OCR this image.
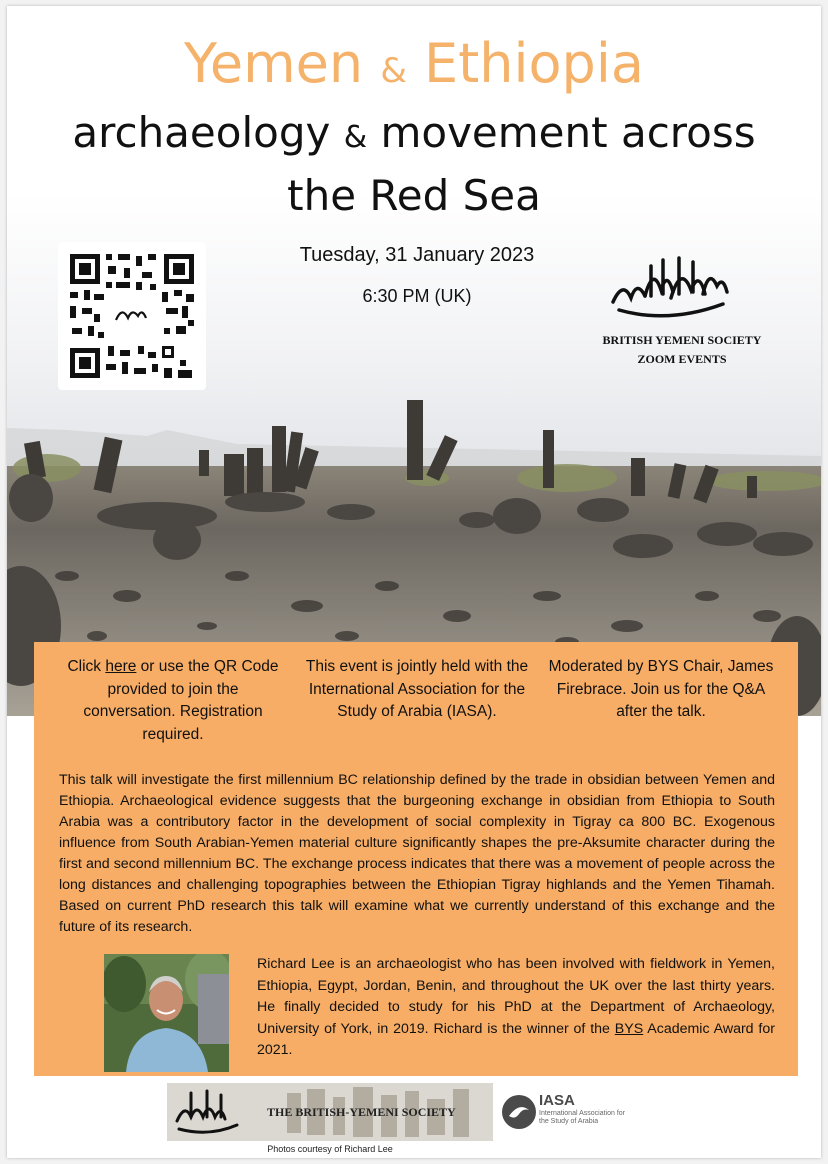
Yemen & Ethiopia
archaeology & movement across
the Red Sea
Tuesday, 31 January 2023
6:30 PM (UK)
BRITISH YEMENI SOCIETY
ZOOM EVENTS
Click here or use the QR Code provided to join the conversation. Registration required.
This event is jointly held with the International Association for the Study of Arabia (IASA).
Moderated by BYS Chair, James Firebrace. Join us for the Q&A after the talk.
This talk will investigate the first millennium BC relationship defined by the trade in obsidian between Yemen and Ethiopia. Archaeological evidence suggests that the burgeoning exchange in obsidian from Ethiopia to South Arabia was a contributory factor in the development of social complexity in Tigray ca 800 BC. Exogenous influence from South Arabian-Yemen material culture significantly shapes the pre-Aksumite character during the first and second millennium BC. The exchange process indicates that there was a movement of people across the long distances and challenging topographies between the Ethiopian Tigray highlands and the Yemen Tihamah. Based on current PhD research this talk will examine what we currently understand of this exchange and the future of its research.
Richard Lee is an archaeologist who has been involved with fieldwork in Yemen, Ethiopia, Egypt, Jordan, Benin, and throughout the UK over the last thirty years. He finally decided to study for his PhD at the Department of Archaeology, University of York, in 2019. Richard is the winner of the BYS Academic Award for 2021.
THE BRITISH-YEMENI SOCIETY
Photos courtesy of Richard Lee
IASA
International Association for the Study of Arabia
